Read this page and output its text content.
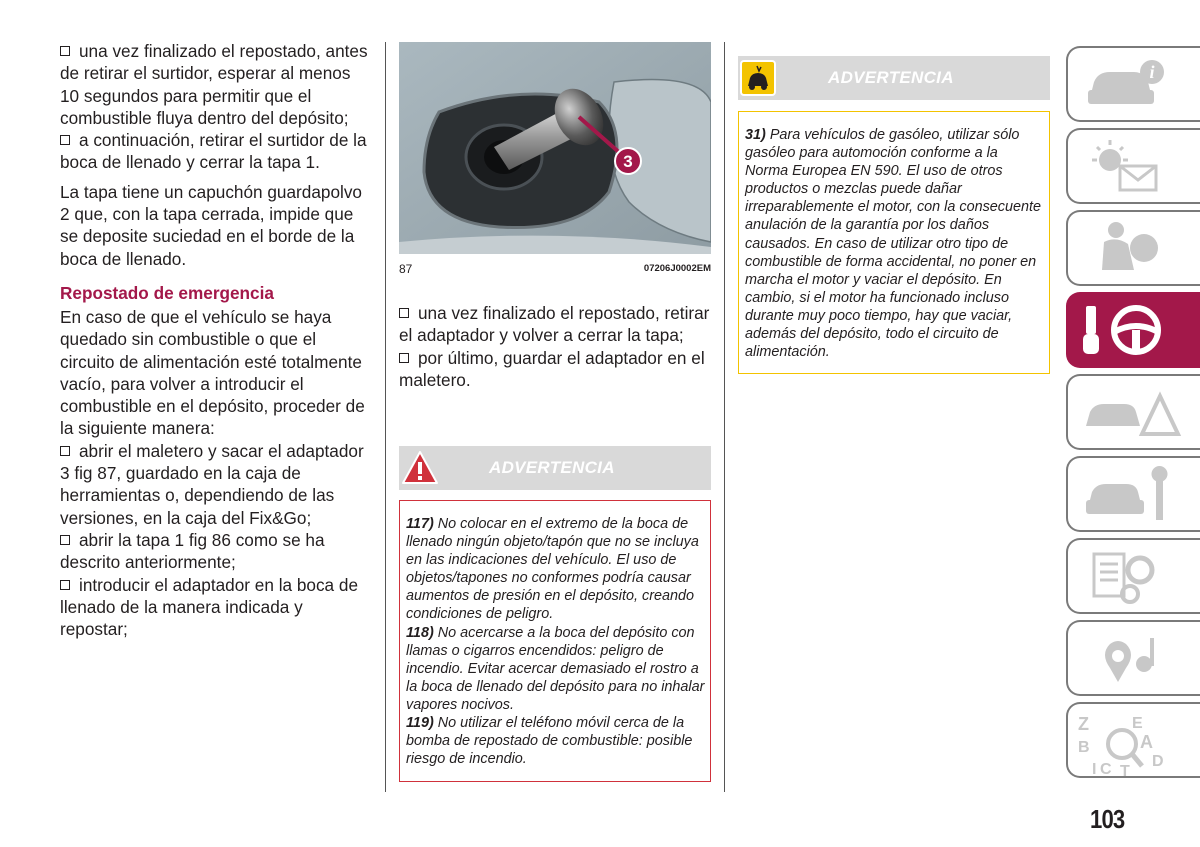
una vez finalizado el repostado, antes de retirar el surtidor, esperar al menos 10 segundos para permitir que el combustible fluya dentro del depósito;

a continuación, retirar el surtidor de la boca de llenado y cerrar la tapa 1.

La tapa tiene un capuchón guardapolvo 2 que, con la tapa cerrada, impide que se deposite suciedad en el borde de la boca de llenado.

Repostado de emergencia

En caso de que el vehículo se haya quedado sin combustible o que el circuito de alimentación esté totalmente vacío, para volver a introducir el combustible en el depósito, proceder de la siguiente manera:

abrir el maletero y sacar el adaptador 3 fig 87, guardado en la caja de herramientas o, dependiendo de las versiones, en la caja del Fix&Go;

abrir la tapa 1 fig 86 como se ha descrito anteriormente;

introducir el adaptador en la boca de llenado de la manera indicada y repostar;

3
87	07206J0002EM

una vez finalizado el repostado, retirar el adaptador y volver a cerrar la tapa;

por último, guardar el adaptador en el maletero.

ADVERTENCIA

117) No colocar en el extremo de la boca de llenado ningún objeto/tapón que no se incluya en las indicaciones del vehículo. El uso de objetos/tapones no conformes podría causar aumentos de presión en el depósito, creando condiciones de peligro.

118) No acercarse a la boca del depósito con llamas o cigarros encendidos: peligro de incendio. Evitar acercar demasiado el rostro a la boca de llenado del depósito para no inhalar vapores nocivos.

119) No utilizar el teléfono móvil cerca de la bomba de repostado de combustible: posible riesgo de incendio.

ADVERTENCIA

31) Para vehículos de gasóleo, utilizar sólo gasóleo para automoción conforme a la Norma Europea EN 590. El uso de otros productos o mezclas puede dañar irreparablemente el motor, con la consecuente anulación de la garantía por los daños causados. En caso de utilizar otro tipo de combustible de forma accidental, no poner en marcha el motor y vaciar el depósito. En cambio, si el motor ha funcionado incluso durante muy poco tiempo, hay que vaciar, además del depósito, todo el circuito de alimentación.

i
Z	E
B	A
I C T
D
103
